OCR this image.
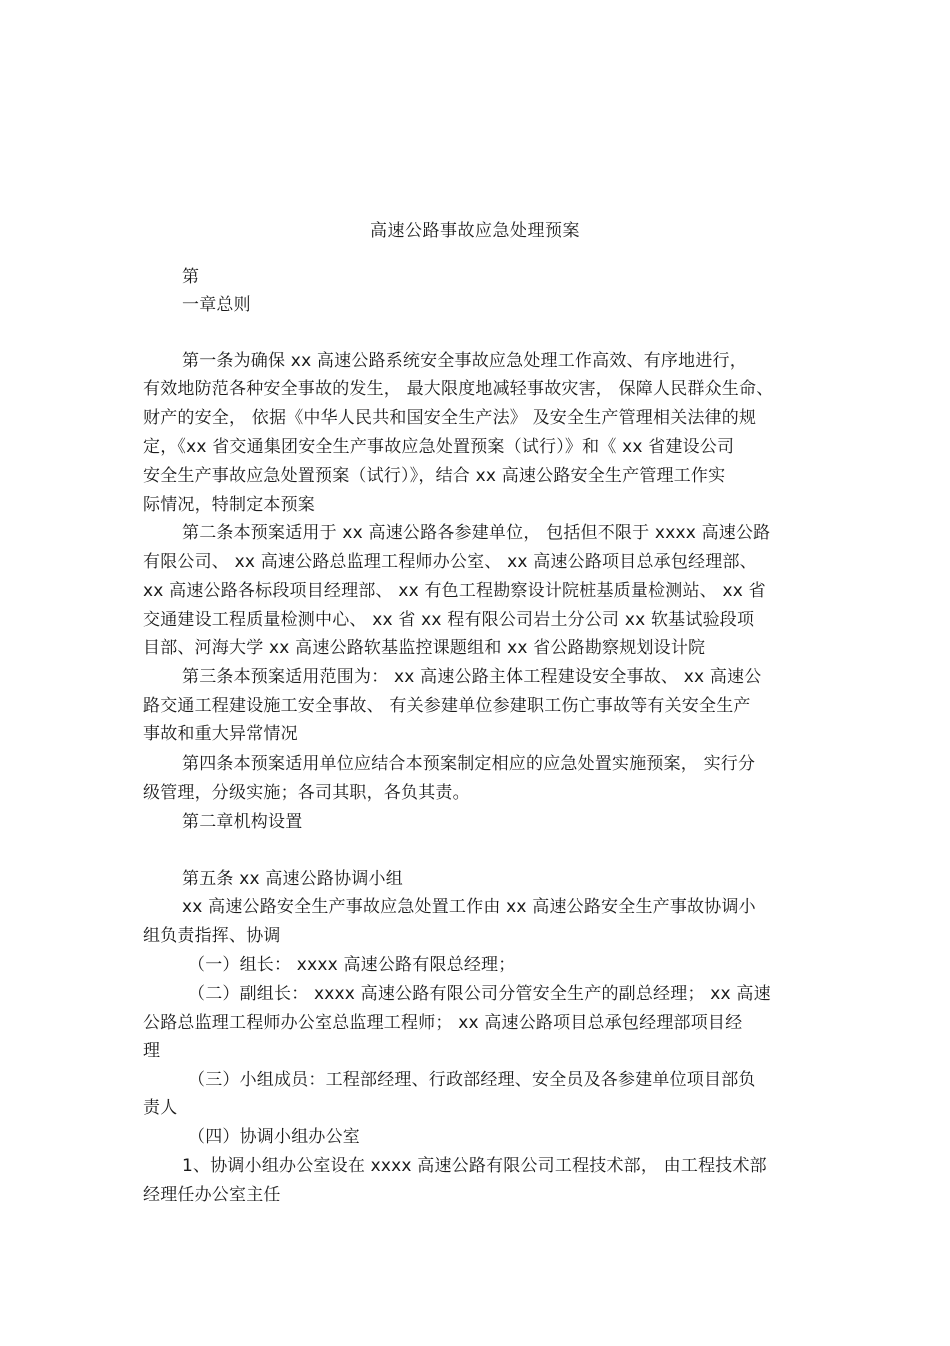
高速公路事故应急处理预案
第
一章总则
第一条为确保 xx 高速公路系统安全事故应急处理工作高效、有序地进行，
有效地防范各种安全事故的发生， 最大限度地减轻事故灾害， 保障人民群众生命、
财产的安全， 依据《中华人民共和国安全生产法》 及安全生产管理相关法律的规
定，《xx 省交通集团安全生产事故应急处置预案（试行）》和《 xx 省建设公司
安全生产事故应急处置预案（试行）》，结合 xx 高速公路安全生产管理工作实
际情况，特制定本预案
第二条本预案适用于 xx 高速公路各参建单位， 包括但不限于 xxxx 高速公路
有限公司、 xx 高速公路总监理工程师办公室、 xx 高速公路项目总承包经理部、
xx 高速公路各标段项目经理部、 xx 有色工程勘察设计院桩基质量检测站、 xx 省
交通建设工程质量检测中心、 xx 省 xx 程有限公司岩土分公司 xx 软基试验段项
目部、河海大学 xx 高速公路软基监控课题组和 xx 省公路勘察规划设计院
第三条本预案适用范围为： xx 高速公路主体工程建设安全事故、 xx 高速公
路交通工程建设施工安全事故、 有关参建单位参建职工伤亡事故等有关安全生产
事故和重大异常情况
第四条本预案适用单位应结合本预案制定相应的应急处置实施预案， 实行分
级管理，分级实施；各司其职，各负其责。
第二章机构设置
第五条 xx 高速公路协调小组
xx 高速公路安全生产事故应急处置工作由 xx 高速公路安全生产事故协调小
组负责指挥、协调
（一）组长： xxxx 高速公路有限总经理；
（二）副组长： xxxx 高速公路有限公司分管安全生产的副总经理； xx 高速
公路总监理工程师办公室总监理工程师； xx 高速公路项目总承包经理部项目经
理
（三）小组成员：工程部经理、行政部经理、安全员及各参建单位项目部负
责人
（四）协调小组办公室
1、协调小组办公室设在 xxxx 高速公路有限公司工程技术部， 由工程技术部
经理任办公室主任
